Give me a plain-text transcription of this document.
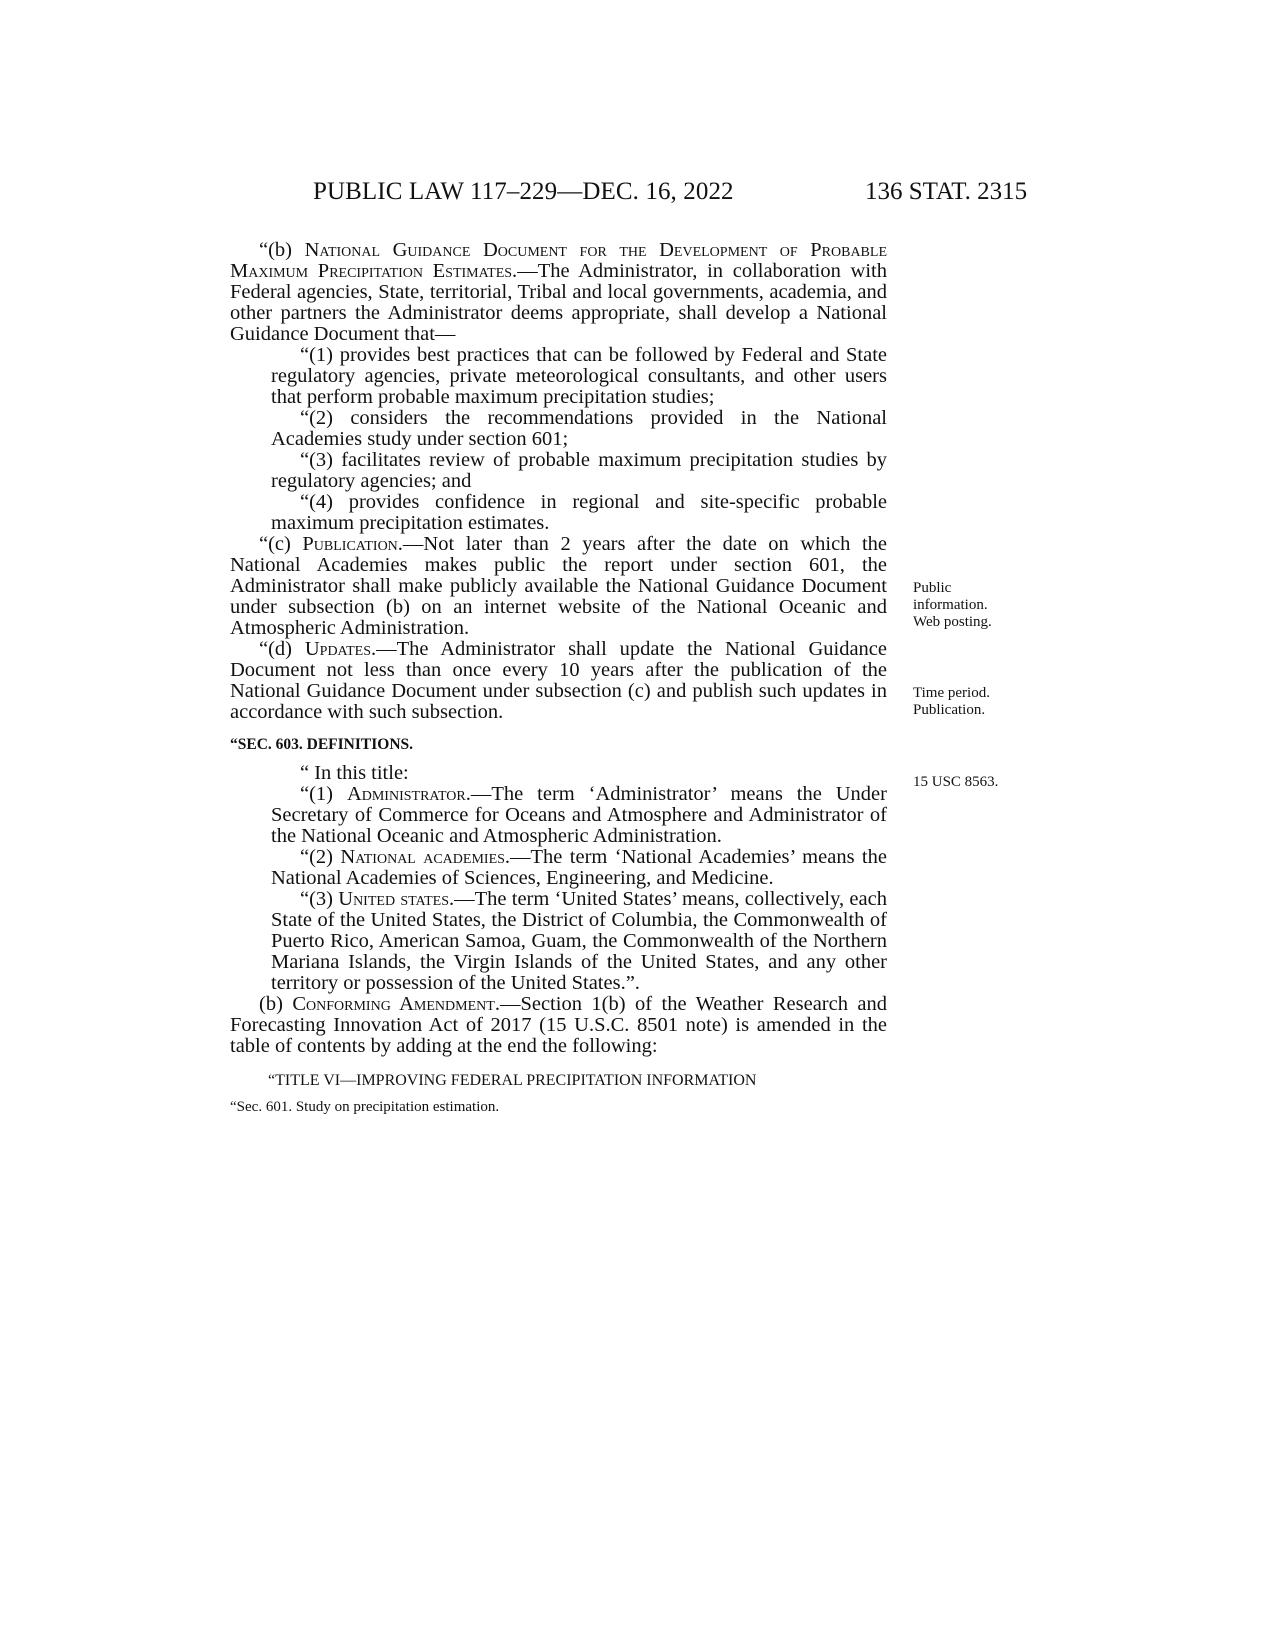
PUBLIC LAW 117–229—DEC. 16, 2022	136 STAT. 2315

“(b) National Guidance Document for the Development of Probable Maximum Precipitation Estimates.—The Administrator, in collaboration with Federal agencies, State, territorial, Tribal and local governments, academia, and other partners the Administrator deems appropriate, shall develop a National Guidance Document that—

“(1) provides best practices that can be followed by Federal and State regulatory agencies, private meteorological consultants, and other users that perform probable maximum precipitation studies;

“(2) considers the recommendations provided in the National Academies study under section 601;

“(3) facilitates review of probable maximum precipitation studies by regulatory agencies; and

“(4) provides confidence in regional and site-specific probable maximum precipitation estimates.

“(c) Publication.—Not later than 2 years after the date on which the National Academies makes public the report under section 601, the Administrator shall make publicly available the National Guidance Document under subsection (b) on an internet website of the National Oceanic and Atmospheric Administration.

“(d) Updates.—The Administrator shall update the National Guidance Document not less than once every 10 years after the publication of the National Guidance Document under subsection (c) and publish such updates in accordance with such subsection.

“SEC. 603. DEFINITIONS.

“ In this title:

“(1) Administrator.—The term ‘Administrator’ means the Under Secretary of Commerce for Oceans and Atmosphere and Administrator of the National Oceanic and Atmospheric Administration.

“(2) National academies.—The term ‘National Academies’ means the National Academies of Sciences, Engineering, and Medicine.

“(3) United states.—The term ‘United States’ means, collectively, each State of the United States, the District of Columbia, the Commonwealth of Puerto Rico, American Samoa, Guam, the Commonwealth of the Northern Mariana Islands, the Virgin Islands of the United States, and any other territory or possession of the United States.”.

(b) Conforming Amendment.—Section 1(b) of the Weather Research and Forecasting Innovation Act of 2017 (15 U.S.C. 8501 note) is amended in the table of contents by adding at the end the following:

“TITLE VI—IMPROVING FEDERAL PRECIPITATION INFORMATION
“Sec. 601. Study on precipitation estimation.
Public
information.
Web posting.
Time period.
Publication.
15 USC 8563.
